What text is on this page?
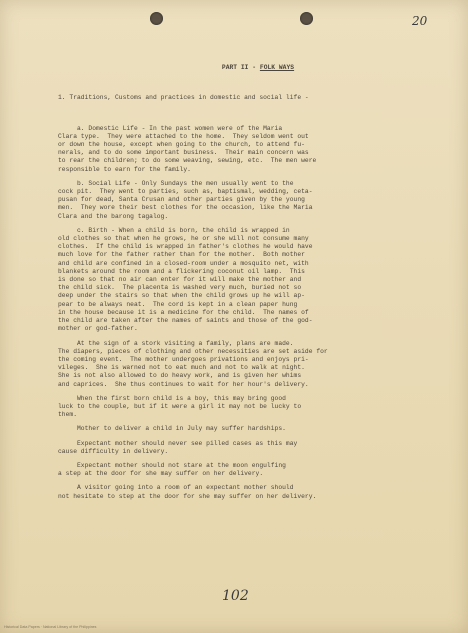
20

PART II - FOLK WAYS

1. Traditions, Customs and practices in domestic and social life -

a. Domestic Life - In the past women were of the Maria

Clara type.  They were attached to the home.  They seldom went out

or down the house, except when going to the church, to attend fu-

nerals, and to do some important business.  Their main concern was

to rear the children; to do some weaving, sewing, etc.  The men were

responsible to earn for the family.

b. Social Life - Only Sundays the men usually went to the

cock pit.  They went to parties, such as, baptismal, wedding, ceta-

pusan for dead, Santa Crusan and other parties given by the young

men.  They wore their best clothes for the occasion, like the Maria

Clara and the barong tagalog.

c. Birth - When a child is born, the child is wrapped in

old clothes so that when he grows, he or she will not consume many

clothes.  If the child is wrapped in father's clothes he would have

much love for the father rather than for the mother.  Both mother

and child are confined in a closed-room under a mosquito net, with

blankets around the room and a flickering coconut oil lamp.  This

is done so that no air can enter for it will make the mother and

the child sick.  The placenta is washed very much, buried not so

deep under the stairs so that when the child grows up he will ap-

pear to be always neat.  The cord is kept in a clean paper hung

in the house because it is a medicine for the child.  The names of

the child are taken after the names of saints and those of the god-

mother or god-father.

At the sign of a stork visiting a family, plans are made.

The diapers, pieces of clothing and other necessities are set aside for

the coming event.  The mother undergoes privations and enjoys pri-

vileges.  She is warned not to eat much and not to walk at night.

She is not also allowed to do heavy work, and is given her whims

and caprices.  She thus continues to wait for her hour's delivery.

When the first born child is a boy, this may bring good

luck to the couple, but if it were a girl it may not be lucky to

them.

Mother to deliver a child in July may suffer hardships.

Expectant mother should never see pilled cases as this may

cause difficulty in delivery.

Expectant mother should not stare at the moon engulfing

a step at the door for she may suffer on her delivery.

A visitor going into a room of an expectant mother should

not hesitate to step at the door for she may suffer on her delivery.

102
Historical Data Papers · National Library of the Philippines
